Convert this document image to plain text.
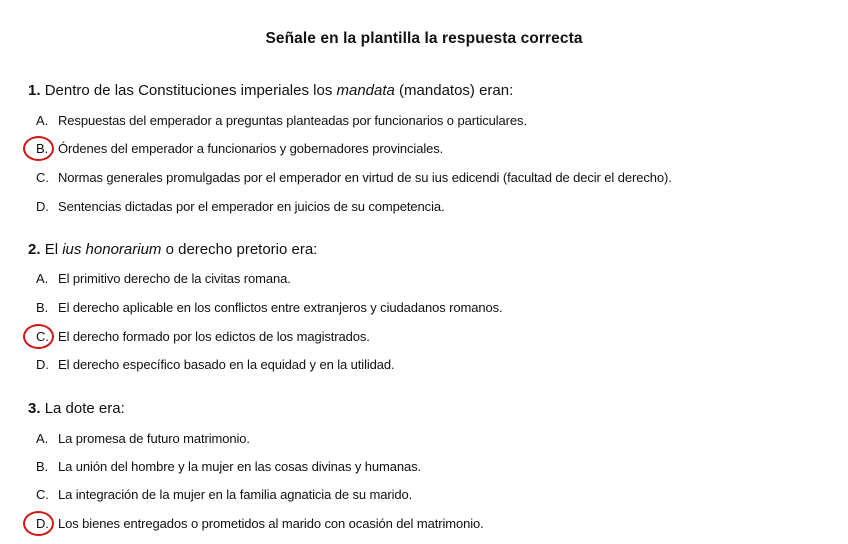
Señale en la plantilla la respuesta correcta
1. Dentro de las Constituciones imperiales los mandata (mandatos) eran:
A. Respuestas del emperador a preguntas planteadas por funcionarios o particulares.
B. Órdenes del emperador a funcionarios y gobernadores provinciales.
C. Normas generales promulgadas por el emperador en virtud de su ius edicendi (facultad de decir el derecho).
D. Sentencias dictadas por el emperador en juicios de su competencia.
2. El ius honorarium o derecho pretorio era:
A. El primitivo derecho de la civitas romana.
B. El derecho aplicable en los conflictos entre extranjeros y ciudadanos romanos.
C. El derecho formado por los edictos de los magistrados.
D. El derecho específico basado en la equidad y en la utilidad.
3. La dote era:
A. La promesa de futuro matrimonio.
B. La unión del hombre y la mujer en las cosas divinas y humanas.
C. La integración de la mujer en la familia agnaticia de su marido.
D. Los bienes entregados o prometidos al marido con ocasión del matrimonio.
